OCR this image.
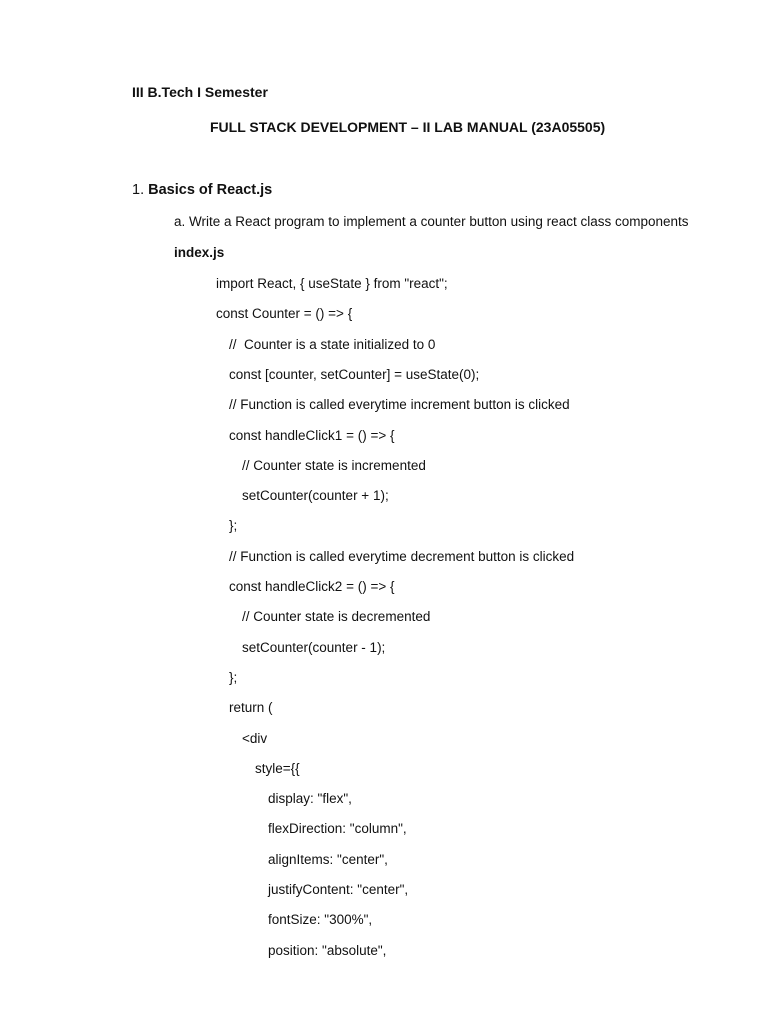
III B.Tech I Semester
FULL STACK DEVELOPMENT – II LAB MANUAL (23A05505)
1. Basics of React.js
a. Write a React program to implement a counter button using react class components
index.js
import React, { useState } from "react";
const Counter = () => {
//  Counter is a state initialized to 0
const [counter, setCounter] = useState(0);
// Function is called everytime increment button is clicked
const handleClick1 = () => {
// Counter state is incremented
setCounter(counter + 1);
};
// Function is called everytime decrement button is clicked
const handleClick2 = () => {
// Counter state is decremented
setCounter(counter - 1);
};
return (
<div
style={{
display: "flex",
flexDirection: "column",
alignItems: "center",
justifyContent: "center",
fontSize: "300%",
position: "absolute",
